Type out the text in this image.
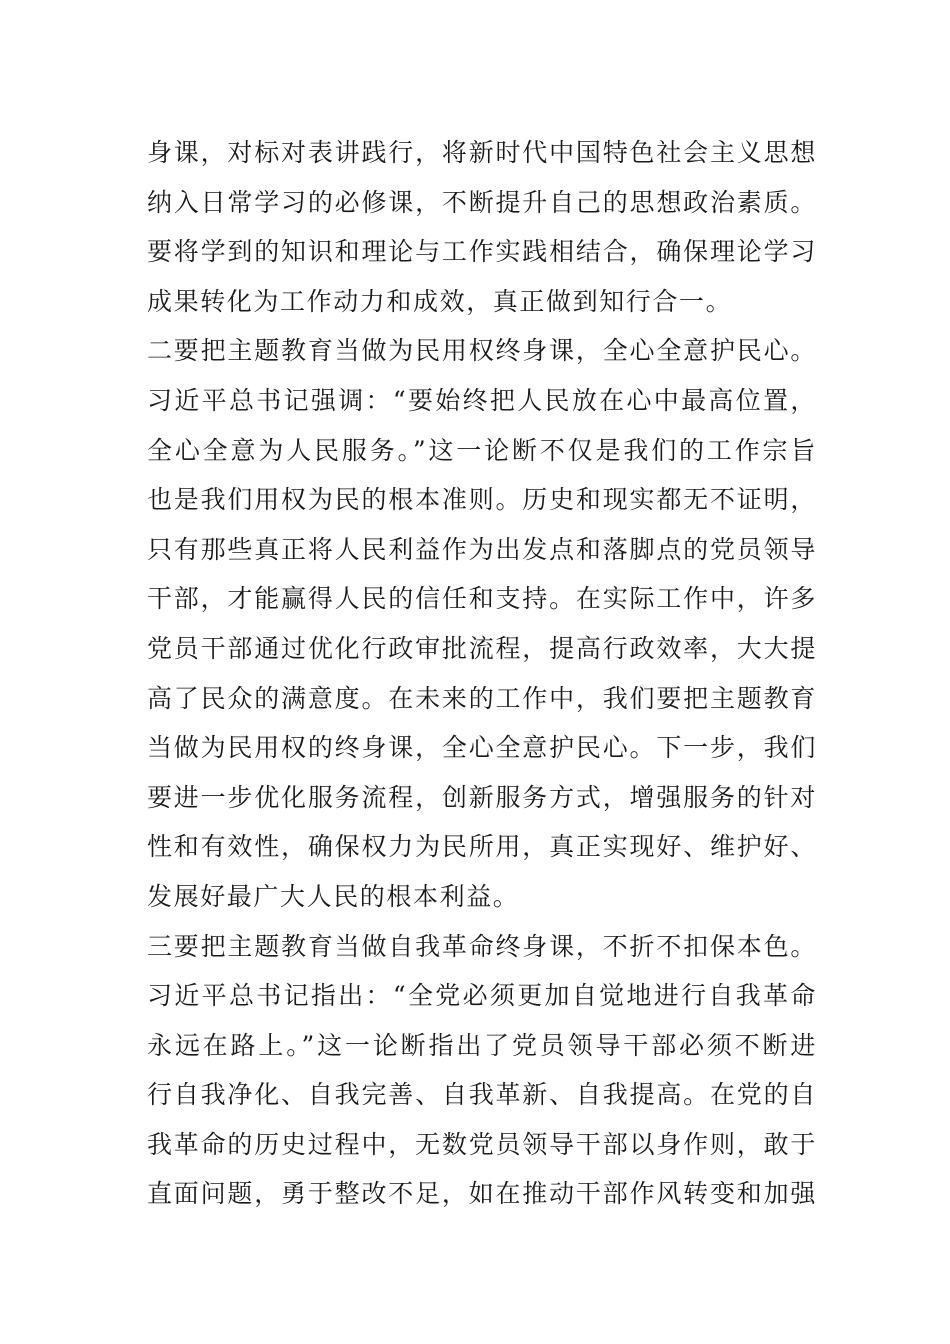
身课，对标对表讲践行，将新时代中国特色社会主义思想
纳入日常学习的必修课，不断提升自己的思想政治素质。
要将学到的知识和理论与工作实践相结合，确保理论学习
成果转化为工作动力和成效，真正做到知行合一。
二要把主题教育当做为民用权终身课，全心全意护民心。
习近平总书记强调：“要始终把人民放在心中最高位置，
全心全意为人民服务。”这一论断不仅是我们的工作宗旨
也是我们用权为民的根本准则。历史和现实都无不证明，
只有那些真正将人民利益作为出发点和落脚点的党员领导
干部，才能赢得人民的信任和支持。在实际工作中，许多
党员干部通过优化行政审批流程，提高行政效率，大大提
高了民众的满意度。在未来的工作中，我们要把主题教育
当做为民用权的终身课，全心全意护民心。下一步，我们
要进一步优化服务流程，创新服务方式，增强服务的针对
性和有效性，确保权力为民所用，真正实现好、维护好、
发展好最广大人民的根本利益。
三要把主题教育当做自我革命终身课，不折不扣保本色。
习近平总书记指出：“全党必须更加自觉地进行自我革命
永远在路上。”这一论断指出了党员领导干部必须不断进
行自我净化、自我完善、自我革新、自我提高。在党的自
我革命的历史过程中，无数党员领导干部以身作则，敢于
直面问题，勇于整改不足，如在推动干部作风转变和加强
